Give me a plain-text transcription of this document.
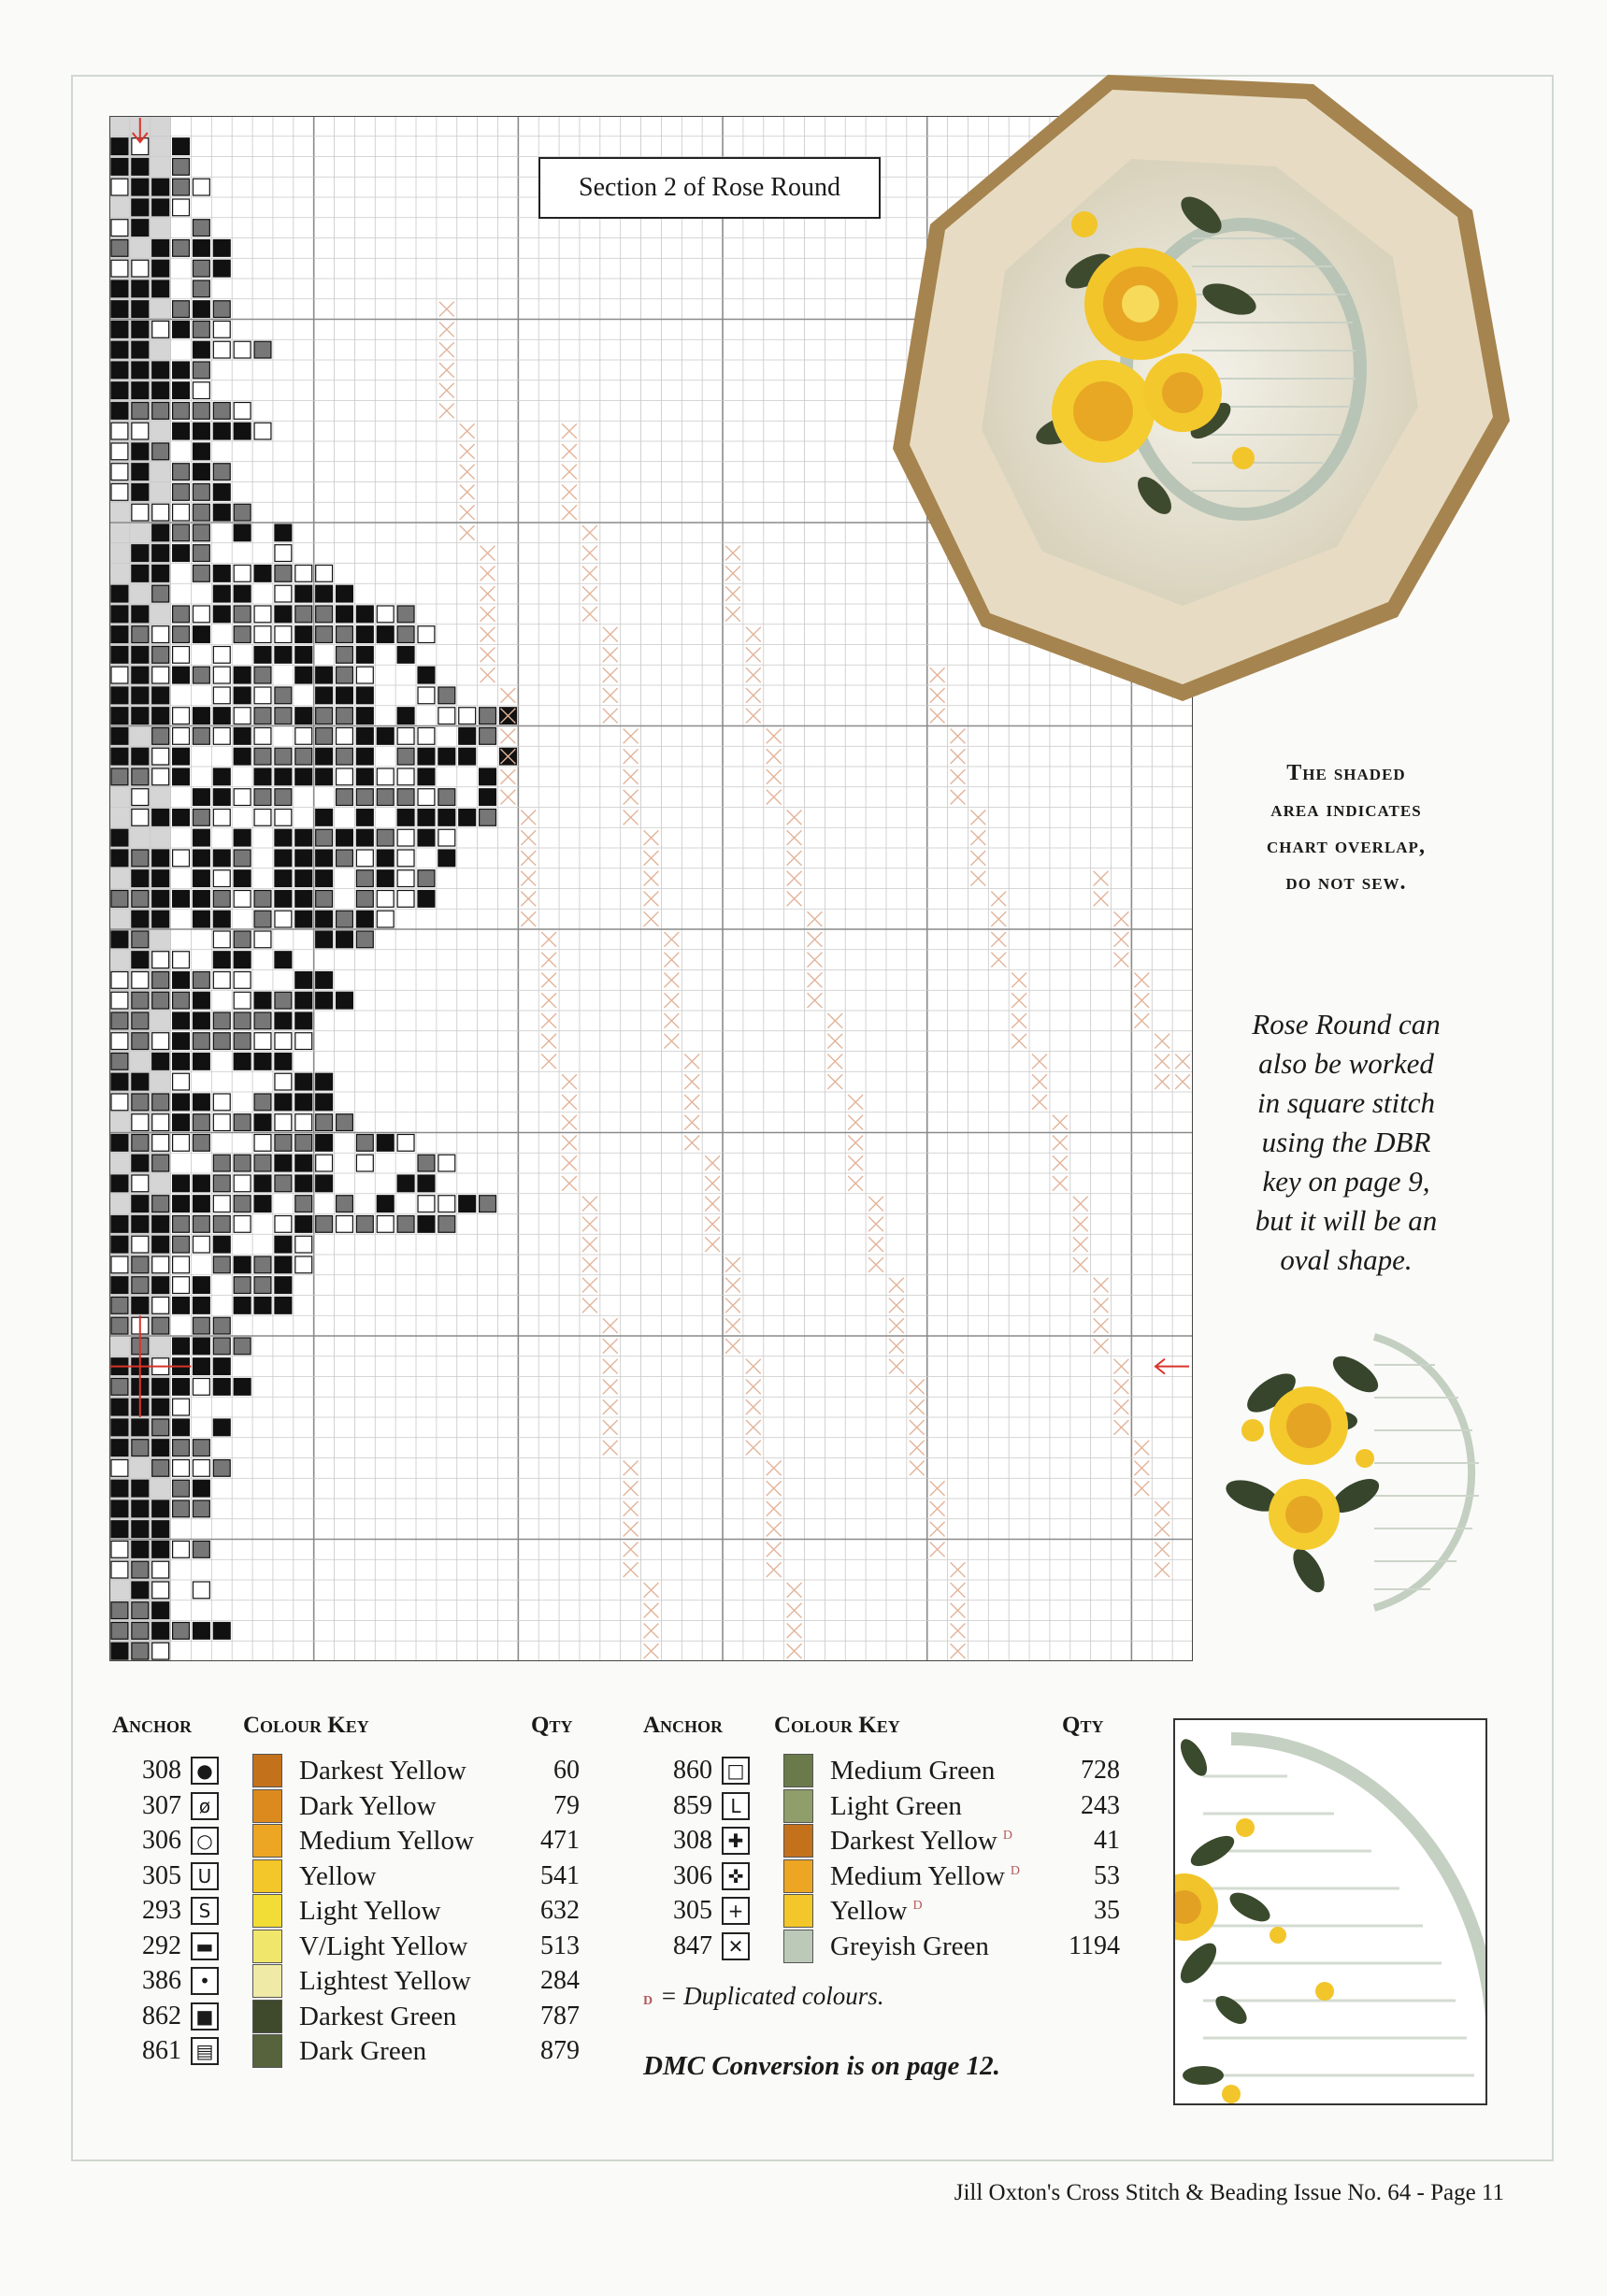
Section 2 of Rose Round
The shaded
area indicates
chart overlap,
do not sew.
Rose Round can
also be worked
in square stitch
using the DBR
key on page 9,
but it will be an
oval shape.
Anchor Colour Key	Qty
308 ●	Darkest Yellow	60
307 ø	Dark Yellow	79
306 ○	Medium Yellow	471
305 U	Yellow	541
293 S	Light Yellow	632
292 ▬	V/Light Yellow	513
386 •	Lightest Yellow	284
862 ■	Darkest Green	787
861 ▤	Dark Green	879
Anchor Colour Key	Qty
860 □	Medium Green	728
859 L	Light Green	243
308 ✚	Darkest Yellow $^D$	41
306 ✜	Medium Yellow $^D$	53
305 +	Yellow $^D$	35
847 ✕	Greyish Green	1194
D = Duplicated colours.
DMC Conversion is on page 12.
Jill Oxton's Cross Stitch & Beading Issue No. 64 - Page 11
